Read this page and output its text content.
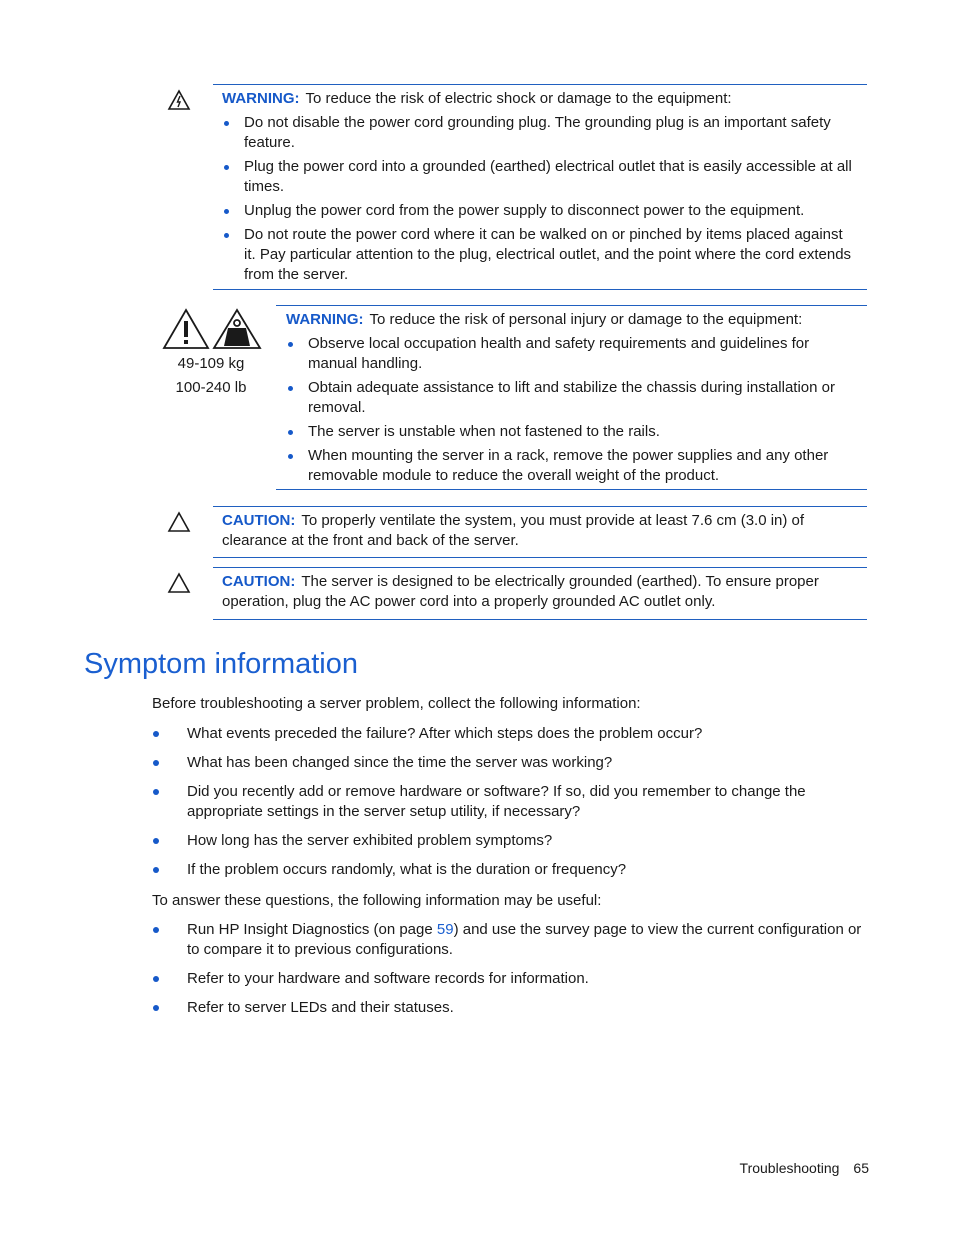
WARNING: To reduce the risk of electric shock or damage to the equipment:
Do not disable the power cord grounding plug. The grounding plug is an important safety feature.
Plug the power cord into a grounded (earthed) electrical outlet that is easily accessible at all times.
Unplug the power cord from the power supply to disconnect power to the equipment.
Do not route the power cord where it can be walked on or pinched by items placed against it. Pay particular attention to the plug, electrical outlet, and the point where the cord extends from the server.
49-109 kg
100-240 lb
WARNING: To reduce the risk of personal injury or damage to the equipment:
Observe local occupation health and safety requirements and guidelines for manual handling.
Obtain adequate assistance to lift and stabilize the chassis during installation or removal.
The server is unstable when not fastened to the rails.
When mounting the server in a rack, remove the power supplies and any other removable module to reduce the overall weight of the product.
CAUTION: To properly ventilate the system, you must provide at least 7.6 cm (3.0 in) of clearance at the front and back of the server.
CAUTION: The server is designed to be electrically grounded (earthed). To ensure proper operation, plug the AC power cord into a properly grounded AC outlet only.
Symptom information
Before troubleshooting a server problem, collect the following information:
What events preceded the failure? After which steps does the problem occur?
What has been changed since the time the server was working?
Did you recently add or remove hardware or software? If so, did you remember to change the appropriate settings in the server setup utility, if necessary?
How long has the server exhibited problem symptoms?
If the problem occurs randomly, what is the duration or frequency?
To answer these questions, the following information may be useful:
Run HP Insight Diagnostics (on page 59) and use the survey page to view the current configuration or to compare it to previous configurations.
Refer to your hardware and software records for information.
Refer to server LEDs and their statuses.
Troubleshooting 65
